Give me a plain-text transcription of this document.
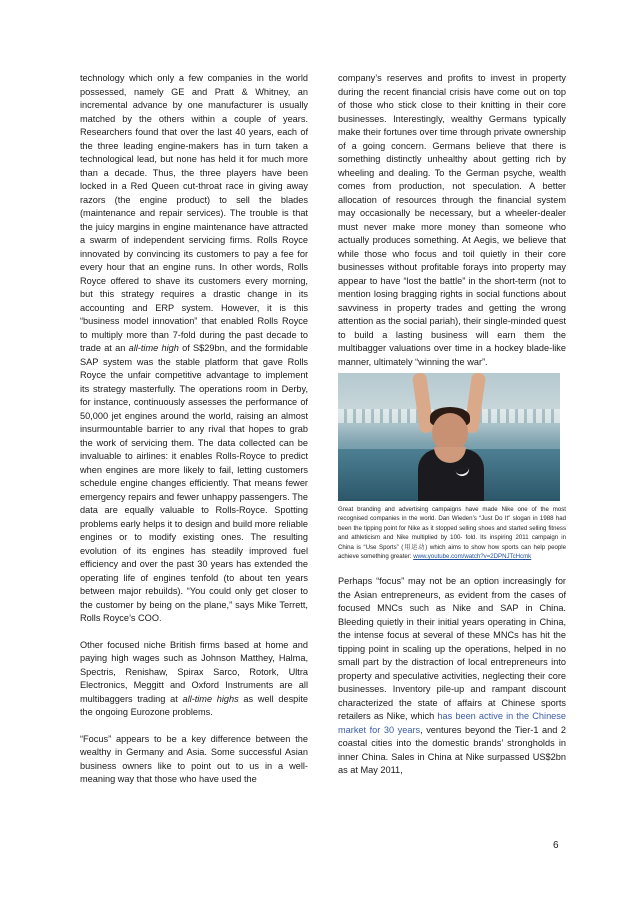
technology which only a few companies in the world possessed, namely GE and Pratt & Whitney, an incremental advance by one manufacturer is usually matched by the others within a couple of years. Researchers found that over the last 40 years, each of the three leading engine-makers has in turn taken a technological lead, but none has held it for much more than a decade. Thus, the three players have been locked in a Red Queen cut-throat race in giving away razors (the engine product) to sell the blades (maintenance and repair services). The trouble is that the juicy margins in engine maintenance have attracted a swarm of independent servicing firms. Rolls Royce innovated by convincing its customers to pay a fee for every hour that an engine runs. In other words, Rolls Royce offered to shave its customers every morning, but this strategy requires a drastic change in its accounting and ERP system. However, it is this “business model innovation” that enabled Rolls Royce to multiply more than 7-fold during the past decade to trade at an all-time high of S$29bn, and the formidable SAP system was the stable platform that gave Rolls Royce the unfair competitive advantage to implement its strategy masterfully. The operations room in Derby, for instance, continuously assesses the performance of 50,000 jet engines around the world, raising an almost insurmountable barrier to any rival that hopes to grab the work of servicing them. The data collected can be invaluable to airlines: it enables Rolls-Royce to predict when engines are more likely to fail, letting customers schedule engine changes efficiently. That means fewer emergency repairs and fewer unhappy passengers. The data are equally valuable to Rolls-Royce. Spotting problems early helps it to design and build more reliable engines or to modify existing ones. The resulting evolution of its engines has steadily improved fuel efficiency and over the past 30 years has extended the operating life of engines tenfold (to about ten years between major rebuilds). “You could only get closer to the customer by being on the plane,” says Mike Terrett, Rolls Royce’s COO.

Other focused niche British firms based at home and paying high wages such as Johnson Matthey, Halma, Spectris, Renishaw, Spirax Sarco, Rotork, Ultra Electronics, Meggitt and Oxford Instruments are all multibaggers trading at all-time highs as well despite the ongoing Eurozone problems.

“Focus” appears to be a key difference between the wealthy in Germany and Asia. Some successful Asian business owners like to point out to us in a well-meaning way that those who have used the

company’s reserves and profits to invest in property during the recent financial crisis have come out on top of those who stick close to their knitting in their core businesses. Interestingly, wealthy Germans typically make their fortunes over time through private ownership of a going concern. Germans believe that there is something distinctly unhealthy about getting rich by wheeling and dealing. To the German psyche, wealth comes from production, not speculation. A better allocation of resources through the financial system may occasionally be necessary, but a wheeler-dealer must never make more money than someone who actually produces something. At Aegis, we believe that while those who focus and toil quietly in their core businesses without profitable forays into property may appear to have “lost the battle” in the short-term (not to mention losing bragging rights in social functions about savviness in property trades and getting the wrong attention as the social pariah), their single-minded quest to build a lasting business will earn them the multibagger valuations over time in a hockey blade-like manner, ultimately “winning the war”.

Great branding and advertising campaigns have made Nike one of the most recognised companies in the world. Dan Wieden’s “Just Do It” slogan in 1988 had been the tipping point for Nike as it stopped selling shoes and started selling fitness and athleticism and Nike multiplied by 100- fold. Its inspiring 2011 campaign in China is “Use Sports” (用运动) which aims to show how sports can help people achieve something greater: www.youtube.com/watch?v=2DPNJTcHcmk

Perhaps “focus” may not be an option increasingly for the Asian entrepreneurs, as evident from the cases of focused MNCs such as Nike and SAP in China. Bleeding quietly in their initial years operating in China, the intense focus at several of these MNCs has hit the tipping point in scaling up the operations, helped in no small part by the distraction of local entrepreneurs into property and speculative activities, neglecting their core businesses. Inventory pile-up and rampant discount characterized the state of affairs at Chinese sports retailers as Nike, which has been active in the Chinese market for 30 years, ventures beyond the Tier-1 and 2 coastal cities into the domestic brands’ strongholds in inner China. Sales in China at Nike surpassed US$2bn as at May 2011,

6
